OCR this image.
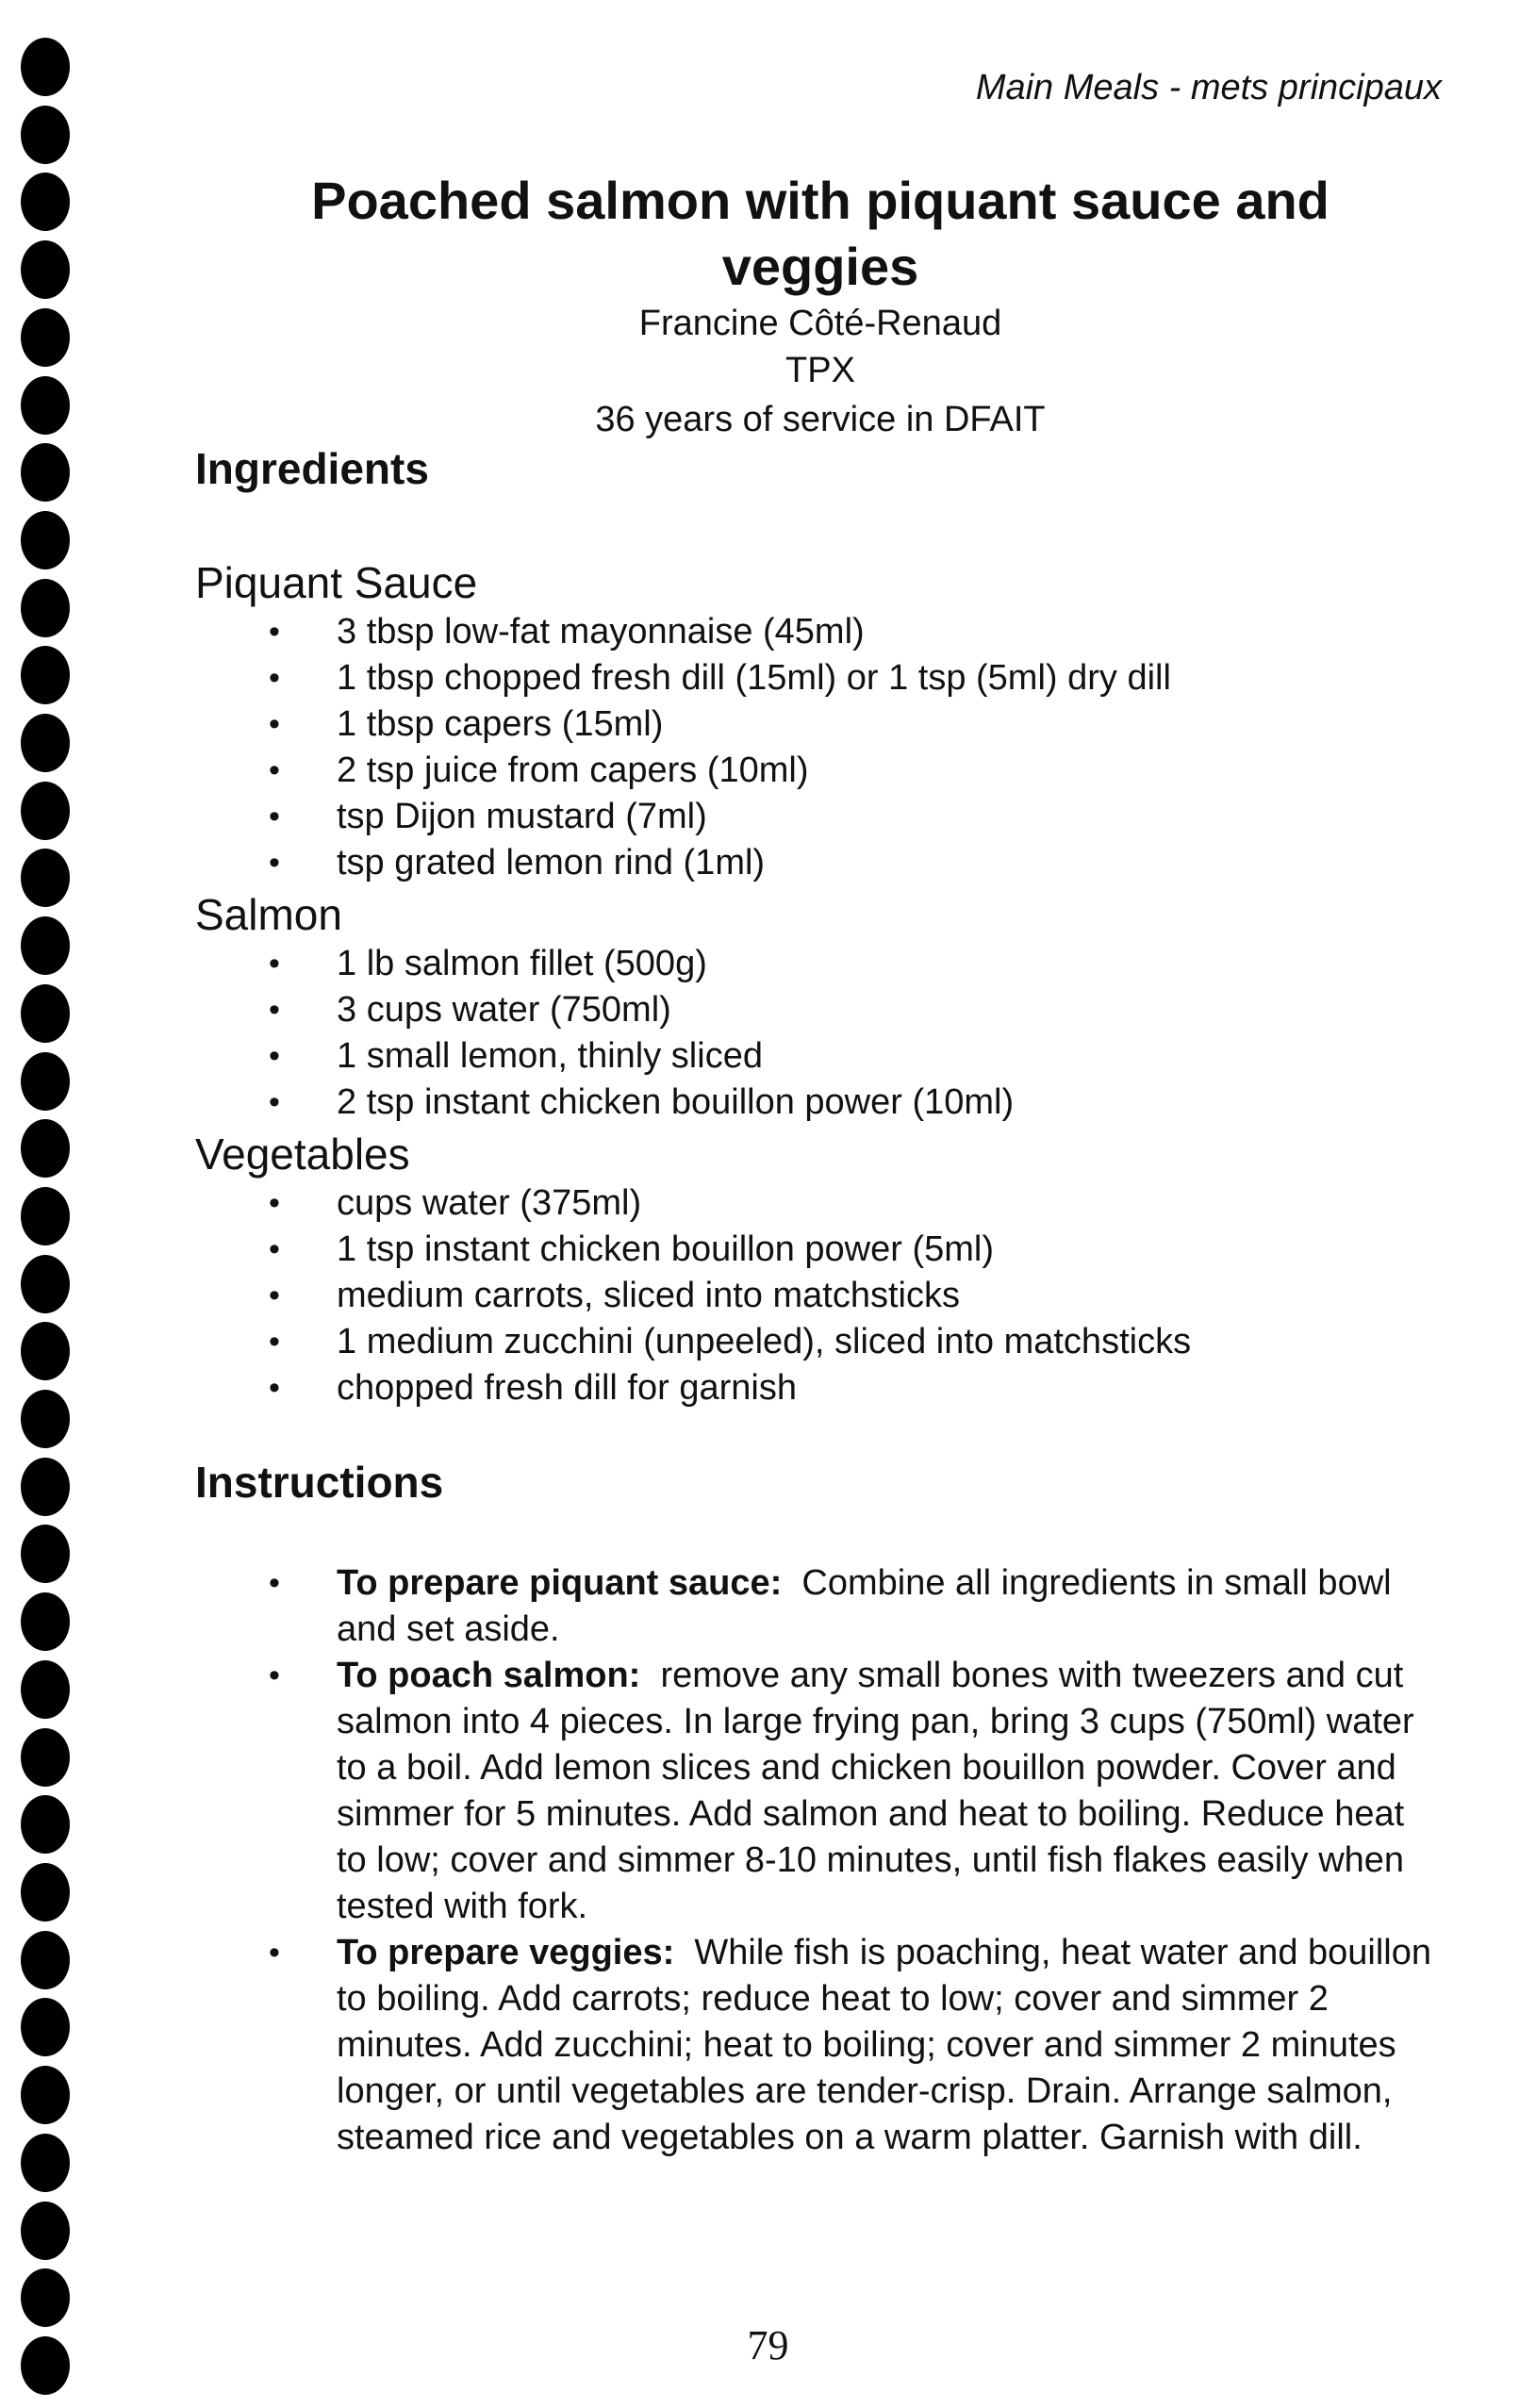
Main Meals - mets principaux
Poached salmon with piquant sauce and veggies
Francine Côté-Renaud
TPX
36 years of service in DFAIT
Ingredients
Piquant Sauce
• 3 tbsp low-fat mayonnaise (45ml)
• 1 tbsp chopped fresh dill (15ml) or 1 tsp (5ml) dry dill
• 1 tbsp capers (15ml)
• 2 tsp juice from capers (10ml)
• tsp Dijon mustard (7ml)
• tsp grated lemon rind (1ml)
Salmon
• 1 lb salmon fillet (500g)
• 3 cups water (750ml)
• 1 small lemon, thinly sliced
• 2 tsp instant chicken bouillon power (10ml)
Vegetables
• cups water (375ml)
• 1 tsp instant chicken bouillon power (5ml)
• medium carrots, sliced into matchsticks
• 1 medium zucchini (unpeeled), sliced into matchsticks
• chopped fresh dill for garnish
Instructions
• To prepare piquant sauce: Combine all ingredients in small bowl and set aside.
• To poach salmon: remove any small bones with tweezers and cut salmon into 4 pieces. In large frying pan, bring 3 cups (750ml) water to a boil. Add lemon slices and chicken bouillon powder. Cover and simmer for 5 minutes. Add salmon and heat to boiling. Reduce heat to low; cover and simmer 8-10 minutes, until fish flakes easily when tested with fork.
• To prepare veggies: While fish is poaching, heat water and bouillon to boiling. Add carrots; reduce heat to low; cover and simmer 2 minutes. Add zucchini; heat to boiling; cover and simmer 2 minutes longer, or until vegetables are tender-crisp. Drain. Arrange salmon, steamed rice and vegetables on a warm platter. Garnish with dill.
79
